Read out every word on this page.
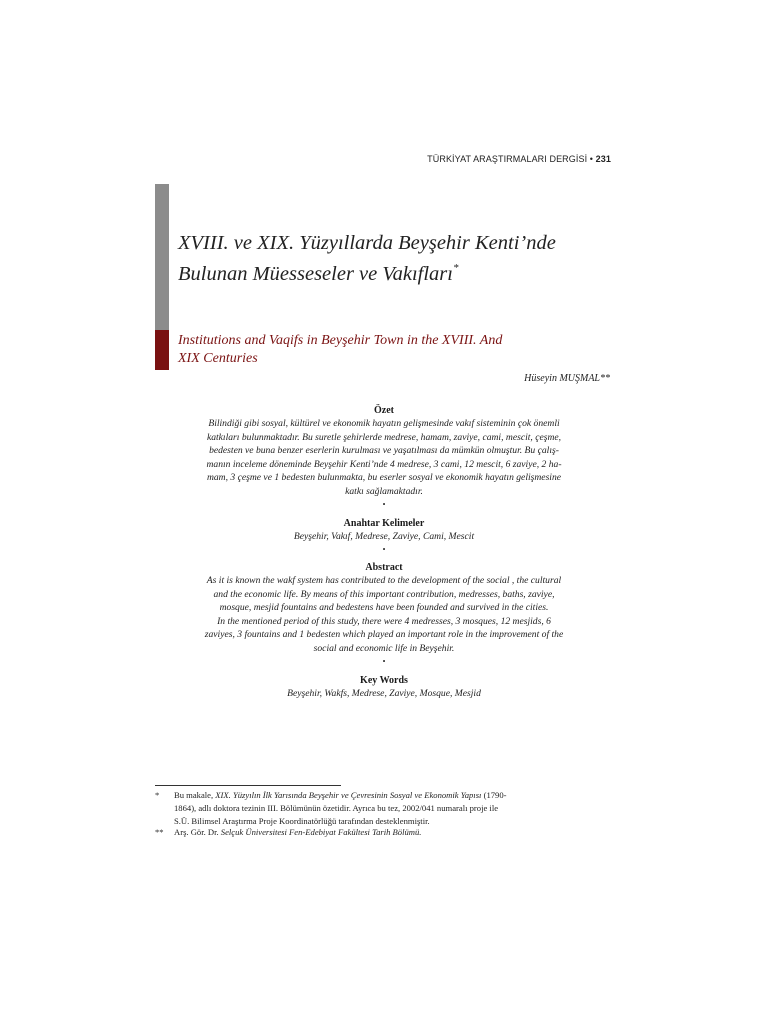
TÜRKİYAT ARAŞTIRMALARI DERGİSİ • 231
XVIII. ve XIX. Yüzyıllarda Beyşehir Kenti’nde
Bulunan Müesseseler ve Vakıfları*
Institutions and Vaqifs in Beyşehir Town in the XVIII. And
XIX Centuries
Hüseyin MUŞMAL**
Özet
Bilindiği gibi sosyal, kültürel ve ekonomik hayatın gelişmesinde vakıf sisteminin çok önemli
katkıları bulunmaktadır. Bu suretle şehirlerde medrese, hamam, zaviye, cami, mescit, çeşme,
bedesten ve buna benzer eserlerin kurulması ve yaşatılması da mümkün olmuştur. Bu çalış-
manın inceleme döneminde Beyşehir Kenti’nde 4 medrese, 3 cami, 12 mescit, 6 zaviye, 2 ha-
mam, 3 çeşme ve 1 bedesten bulunmakta, bu eserler sosyal ve ekonomik hayatın gelişmesine
katkı sağlamaktadır.
•
Anahtar Kelimeler
Beyşehir, Vakıf, Medrese, Zaviye, Cami, Mescit
•
Abstract
As it is known the wakf system has contributed to the development of the social , the cultural
and the economic life. By means of this important contribution, medresses, baths, zaviye,
mosque, mesjid fountains and bedestens have been founded and survived in the cities.
In the mentioned period of this study, there were 4 medresses, 3 mosques, 12 mesjids, 6
zaviyes, 3 fountains and 1 bedesten which played an important role in the improvement of the
social and economic life in Beyşehir.
•
Key Words
Beyşehir, Wakfs, Medrese, Zaviye, Mosque, Mesjid
*	Bu makale, XIX. Yüzyılın İlk Yarısında Beyşehir ve Çevresinin Sosyal ve Ekonomik Yapısı (1790-
1864), adlı doktora tezinin III. Bölümünün özetidir. Ayrıca bu tez, 2002/041 numaralı proje ile
S.Ü. Bilimsel Araştırma Proje Koordinatörlüğü tarafından desteklenmiştir.
**	Arş. Gör. Dr. Selçuk Üniversitesi Fen-Edebiyat Fakültesi Tarih Bölümü.
